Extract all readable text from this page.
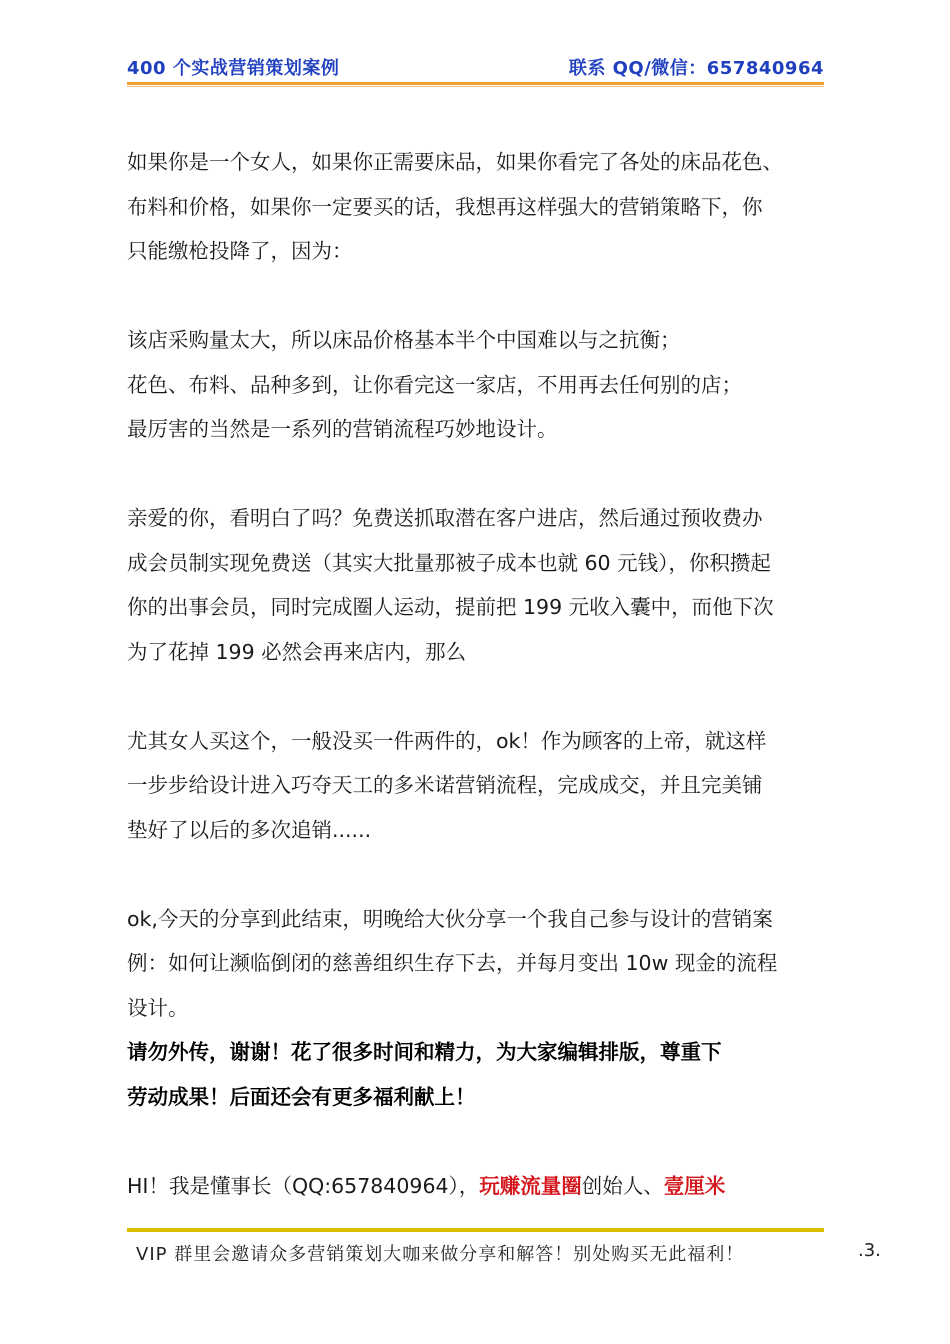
400 个实战营销策划案例	联系 QQ/微信：657840964
如果你是一个女人，如果你正需要床品，如果你看完了各处的床品花色、
布料和价格，如果你一定要买的话，我想再这样强大的营销策略下，你
只能缴枪投降了，因为：
该店采购量太大，所以床品价格基本半个中国难以与之抗衡；
花色、布料、品种多到，让你看完这一家店，不用再去任何别的店；
最厉害的当然是一系列的营销流程巧妙地设计。
亲爱的你，看明白了吗？免费送抓取潜在客户进店，然后通过预收费办
成会员制实现免费送（其实大批量那被子成本也就 60 元钱），你积攒起
你的出事会员，同时完成圈人运动，提前把 199 元收入囊中，而他下次
为了花掉 199 必然会再来店内，那么
尤其女人买这个，一般没买一件两件的，ok！作为顾客的上帝，就这样
一步步给设计进入巧夺天工的多米诺营销流程，完成成交，并且完美铺
垫好了以后的多次追销......
ok,今天的分享到此结束，明晚给大伙分享一个我自己参与设计的营销案
例：如何让濒临倒闭的慈善组织生存下去，并每月变出 10w 现金的流程
设计。
请勿外传，谢谢！花了很多时间和精力，为大家编辑排版，尊重下
劳动成果！后面还会有更多福利献上！
HI！我是懂事长（QQ:657840964），玩赚流量圈创始人、壹厘米
VIP 群里会邀请众多营销策划大咖来做分享和解答！别处购买无此福利！	.3.
